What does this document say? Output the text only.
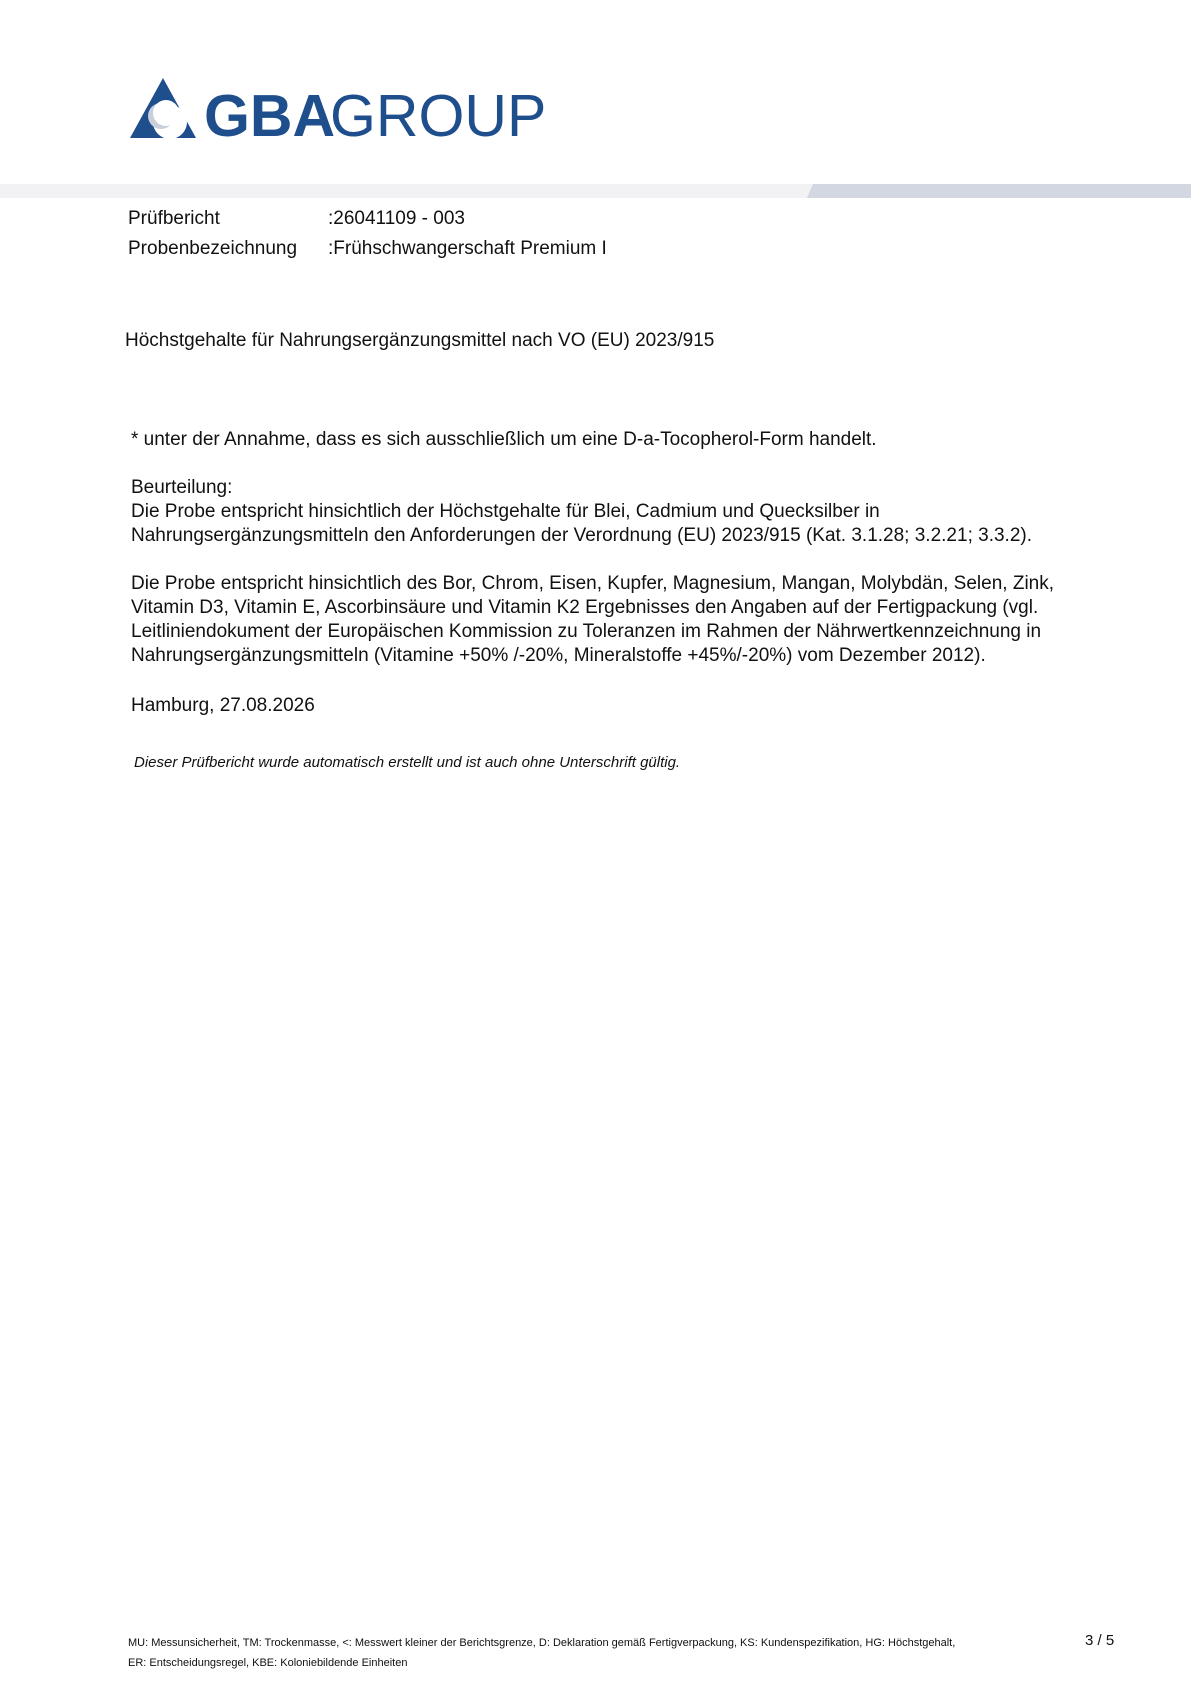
GBA
GROUP
Prüfbericht	:26041109 - 003
Probenbezeichnung :Frühschwangerschaft Premium I
Höchstgehalte für Nahrungsergänzungsmittel nach VO (EU) 2023/915
* unter der Annahme, dass es sich ausschließlich um eine D-a-Tocopherol-Form handelt.
Beurteilung:
Die Probe entspricht hinsichtlich der Höchstgehalte für Blei, Cadmium und Quecksilber in Nahrungsergänzungsmitteln den Anforderungen der Verordnung (EU) 2023/915 (Kat. 3.1.28; 3.2.21; 3.3.2).
Die Probe entspricht hinsichtlich des Bor, Chrom, Eisen, Kupfer, Magnesium, Mangan, Molybdän, Selen, Zink, Vitamin D3, Vitamin E, Ascorbinsäure und Vitamin K2 Ergebnisses den Angaben auf der Fertigpackung (vgl. Leitliniendokument der Europäischen Kommission zu Toleranzen im Rahmen der Nährwertkennzeichnung in Nahrungsergänzungsmitteln (Vitamine +50% /-20%, Mineralstoffe +45%/-20%) vom Dezember 2012).
Hamburg, 27.08.2026
Dieser Prüfbericht wurde automatisch erstellt und ist auch ohne Unterschrift gültig.
MU: Messunsicherheit, TM: Trockenmasse, <: Messwert kleiner der Berichtsgrenze, D: Deklaration gemäß Fertigverpackung, KS: Kundenspezifikation, HG: Höchstgehalt,
ER: Entscheidungsregel, KBE: Koloniebildende Einheiten
3 / 5
